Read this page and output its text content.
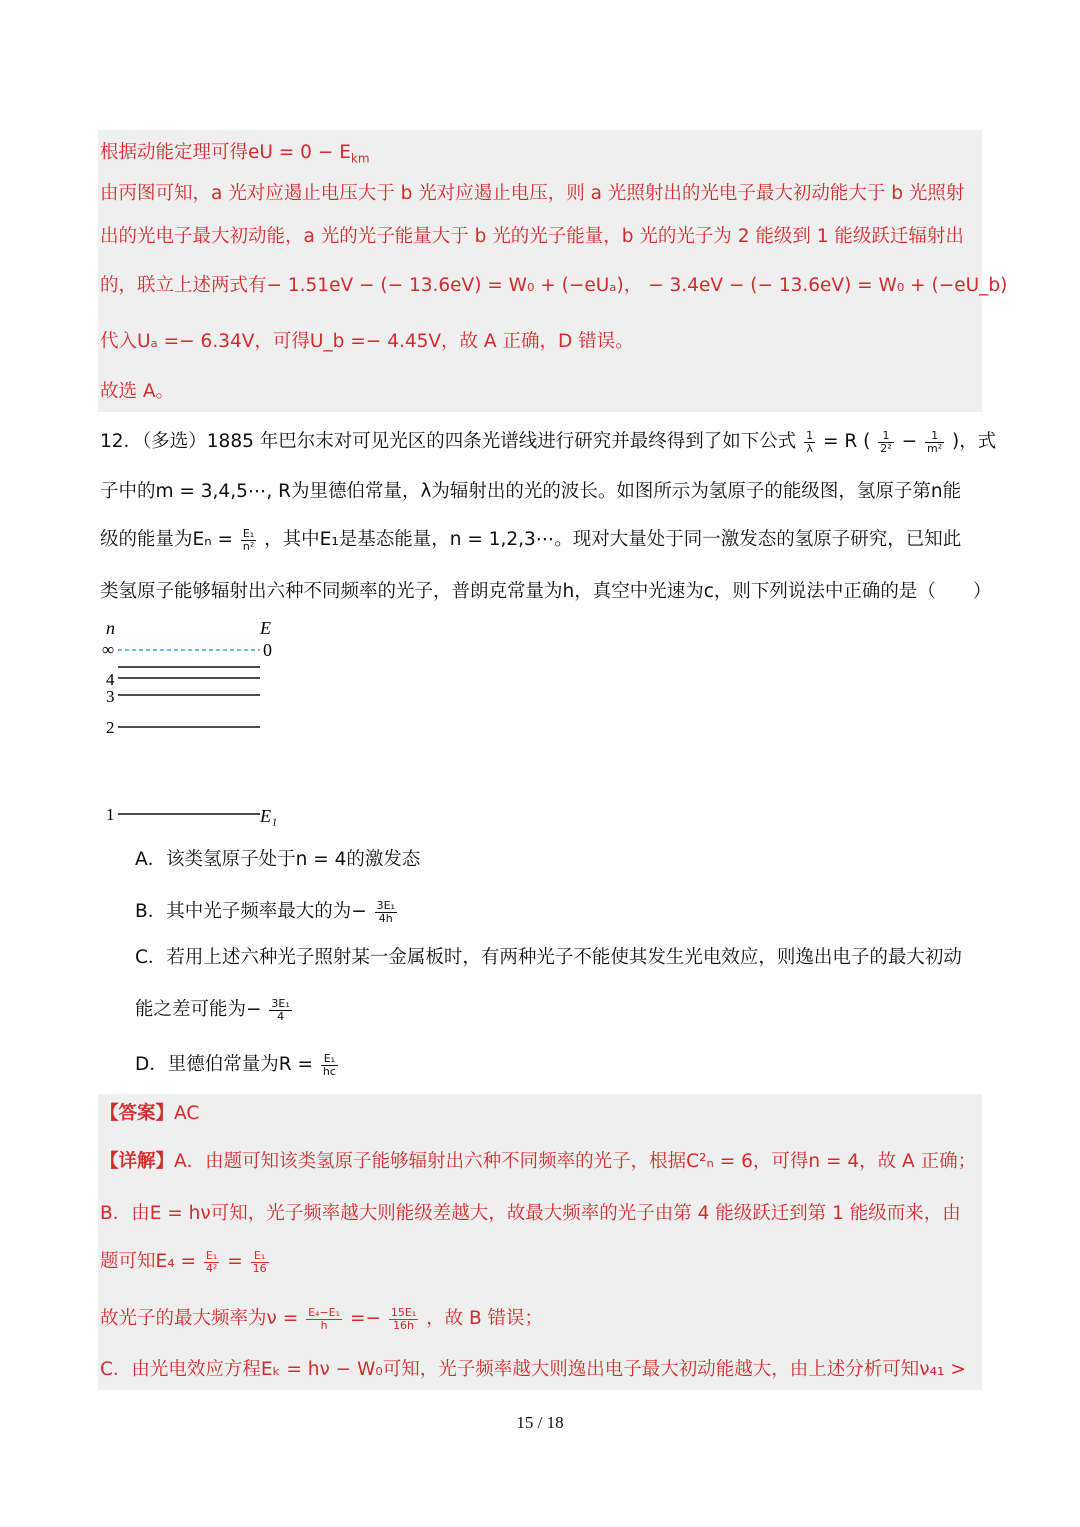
根据动能定理可得eU = $0 - E_{km}$
由丙图可知，a 光对应遏止电压大于 b 光对应遏止电压，则 a 光照射出的光电子最大初动能大于 b 光照射
出的光电子最大初动能，a 光的光子能量大于 b 光的光子能量，b 光的光子为 2 能级到 1 能级跃迁辐射出
的，联立上述两式有− 1.51eV − (− 13.6eV) = W₀ + (−eUₐ)， − 3.4eV − (− 13.6eV) = W₀ + (−eU_b)
代入Uₐ =− 6.34V，可得U_b =− 4.45V，故 A 正确，D 错误。
故选 A。
12．（多选）1885 年巴尔末对可见光区的四条光谱线进行研究并最终得到了如下公式 $\frac{1}{\lambda} = R$ ( $\frac{1}{\text{2²}} - \frac{1}{\text{m²}}$ )，式
子中的m = 3,4,5⋯, R为里德伯常量，λ为辐射出的光的波长。如图所示为氢原子的能级图，氢原子第n能
级的能量为$E_n = \frac{\text{E₁}}{\text{n²}}$ ，其中E₁是基态能量，n = 1,2,3⋯。现对大量处于同一激发态的氢原子研究，已知此
类氢原子能够辐射出六种不同频率的光子，普朗克常量为h，真空中光速为c，则下列说法中正确的是（　　）
n	E
∞	0
4
3
2
1	E₁
A．该类氢原子处于n = 4的激发态
B．其中光子频率最大的为− $\frac{\text{3E₁}}{4h}$
C．若用上述六种光子照射某一金属板时，有两种光子不能使其发生光电效应，则逸出电子的最大初动
能之差可能为− $\frac{\text{3E₁}}{4}$
D．里德伯常量为$R = \frac{\text{E₁}}{hc}$
【答案】AC
【详解】A．由题可知该类氢原子能够辐射出六种不同频率的光子，根据C²ₙ = 6，可得n = 4，故 A 正确；
B．由E = hν可知，光子频率越大则能级差越大，故最大频率的光子由第 4 能级跃迁到第 1 能级而来，由
题可知$E_4 = \frac{\text{E₁}}{\text{4²}} = \frac{\text{E₁}}{16}$
故光子的最大频率为$\nu = \frac{\text{E₄−E₁}}{h} =- \frac{\text{15E₁}}{16h}$ ，故 B 错误；
C．由光电效应方程Eₖ = hν − W₀可知，光子频率越大则逸出电子最大初动能越大，由上述分析可知ν₄₁ >
15 / 18
